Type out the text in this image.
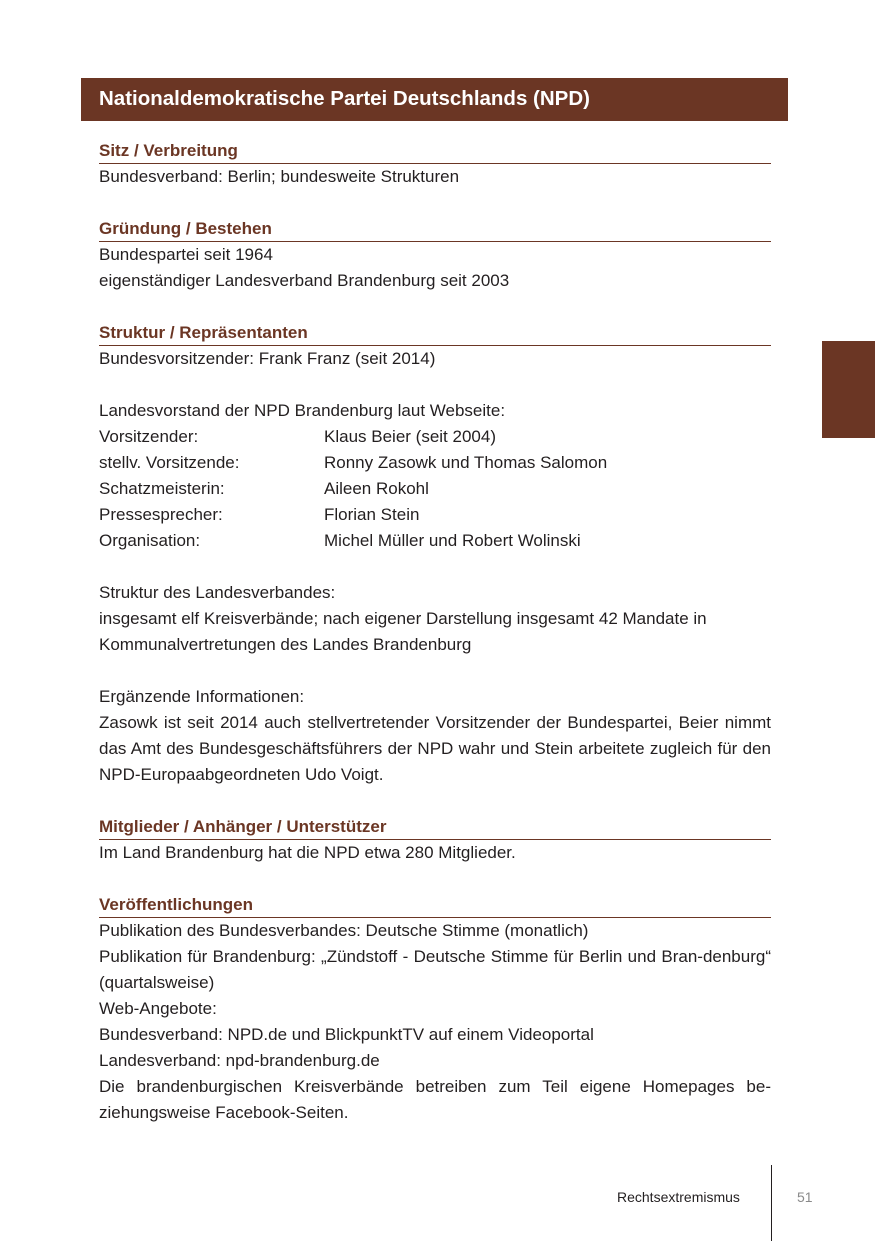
Nationaldemokratische Partei Deutschlands (NPD)
Sitz / Verbreitung
Bundesverband: Berlin; bundesweite Strukturen
Gründung / Bestehen
Bundespartei seit 1964
eigenständiger Landesverband Brandenburg seit 2003
Struktur / Repräsentanten
Bundesvorsitzender: Frank Franz (seit 2014)
Landesvorstand der NPD Brandenburg laut Webseite:
Vorsitzender:	Klaus Beier (seit 2004)
stellv. Vorsitzende:	Ronny Zasowk und Thomas Salomon
Schatzmeisterin:	Aileen Rokohl
Pressesprecher:	Florian Stein
Organisation:	Michel Müller und Robert Wolinski
Struktur des Landesverbandes:
insgesamt elf Kreisverbände; nach eigener Darstellung insgesamt 42 Mandate in Kommunalvertretungen des Landes Brandenburg
Ergänzende Informationen:
Zasowk ist seit 2014 auch stellvertretender Vorsitzender der Bundespartei, Beier nimmt das Amt des Bundesgeschäftsführers der NPD wahr und Stein arbeitete zugleich für den NPD-Europaabgeordneten Udo Voigt.
Mitglieder / Anhänger / Unterstützer
Im Land Brandenburg hat die NPD etwa 280 Mitglieder.
Veröffentlichungen
Publikation des Bundesverbandes: Deutsche Stimme (monatlich)
Publikation für Brandenburg: „Zündstoff - Deutsche Stimme für Berlin und Bran-denburg“ (quartalsweise)
Web-Angebote:
Bundesverband: NPD.de und BlickpunktTV auf einem Videoportal
Landesverband: npd-brandenburg.de
Die brandenburgischen Kreisverbände betreiben zum Teil eigene Homepages be-ziehungsweise Facebook-Seiten.
Rechtsextremismus	51
